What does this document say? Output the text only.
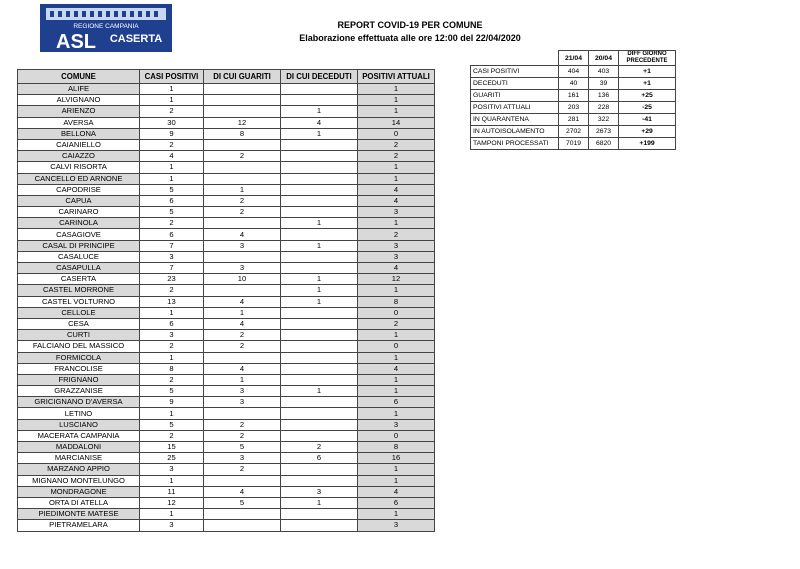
REGIONE CAMPANIA
ASL CASERTA
REPORT COVID-19 PER COMUNE
Elaborazione effettuata alle ore 12:00 del 22/04/2020
COMUNE	CASI POSITIVI	DI CUI GUARITI	DI CUI DECEDUTI	POSITIVI ATTUALI
ALIFE	1			1
ALVIGNANO	1			1
ARIENZO	2		1	1
AVERSA	30	12	4	14
BELLONA	9	8	1	0
CAIANIELLO	2			2
CAIAZZO	4	2		2
CALVI RISORTA	1			1
CANCELLO ED ARNONE	1			1
CAPODRISE	5	1		4
CAPUA	6	2		4
CARINARO	5	2		3
CARINOLA	2		1	1
CASAGIOVE	6	4		2
CASAL DI PRINCIPE	7	3	1	3
CASALUCE	3			3
CASAPULLA	7	3		4
CASERTA	23	10	1	12
CASTEL MORRONE	2		1	1
CASTEL VOLTURNO	13	4	1	8
CELLOLE	1	1		0
CESA	6	4		2
CURTI	3	2		1
FALCIANO DEL MASSICO	2	2		0
FORMICOLA	1			1
FRANCOLISE	8	4		4
FRIGNANO	2	1		1
GRAZZANISE	5	3	1	1
GRICIGNANO D'AVERSA	9	3		6
LETINO	1			1
LUSCIANO	5	2		3
MACERATA CAMPANIA	2	2		0
MADDALONI	15	5	2	8
MARCIANISE	25	3	6	16
MARZANO APPIO	3	2		1
MIGNANO MONTELUNGO	1			1
MONDRAGONE	11	4	3	4
ORTA DI ATELLA	12	5	1	6
PIEDIMONTE MATESE	1			1
PIETRAMELARA	3			3
	21/04	20/04	DIFF GIORNO PRECEDENTE
CASI POSITIVI	404	403	+1
DECEDUTI	40	39	+1
GUARITI	161	136	+25
POSITIVI ATTUALI	203	228	-25
IN QUARANTENA	281	322	-41
IN AUTOISOLAMENTO	2702	2673	+29
TAMPONI PROCESSATI	7019	6820	+199
